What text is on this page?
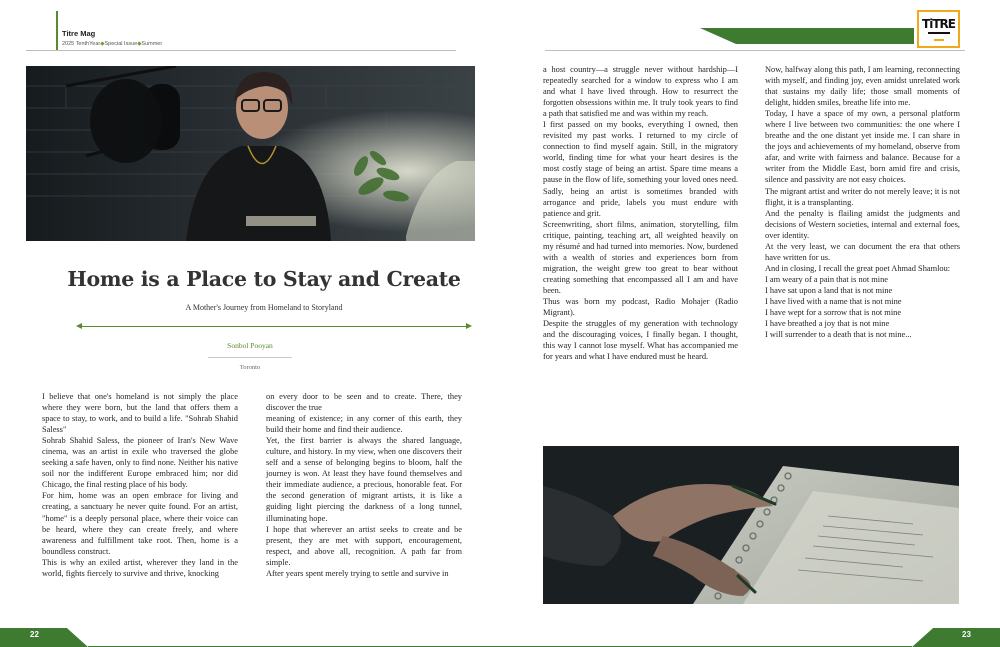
Titre Mag
2025 TenthYear◆Special Issue◆Summer
TiTRE
Home is a Place to Stay and Create
A Mother's Journey from Homeland to Storyland
Sonbol Pooyan
Toronto

I believe that one's homeland is not simply the place where they were born, but the land that offers them a space to stay, to work, and to build a life. "Sohrab Shahid Saless"

Sohrab Shahid Saless, the pioneer of Iran's New Wave cinema, was an artist in exile who traversed the globe seeking a safe haven, only to find none. Neither his native soil nor the indifferent Europe embraced him; nor did Chicago, the final resting place of his body.

For him, home was an open embrace for living and creating, a sanctuary he never quite found. For an artist, "home" is a deeply personal place, where their voice can be heard, where they can create freely, and where awareness and fulfillment take root. Then, home is a boundless construct.

This is why an exiled artist, wherever they land in the world, fights fiercely to survive and thrive, knocking

on every door to be seen and to create. There, they discover the true

meaning of existence; in any corner of this earth, they build their home and find their audience.

Yet, the first barrier is always the shared language, culture, and history. In my view, when one discovers their self and a sense of belonging begins to bloom, half the journey is won. At least they have found themselves and their immediate audience, a precious, honorable feat. For the second generation of migrant artists, it is like a guiding light piercing the darkness of a long tunnel, illuminating hope.

I hope that wherever an artist seeks to create and be present, they are met with support, encouragement, respect, and above all, recognition. A path far from simple.

After years spent merely trying to settle and survive in

a host country—a struggle never without hardship—I repeatedly searched for a window to express who I am and what I have lived through. How to resurrect the forgotten obsessions within me. It truly took years to find a path that satisfied me and was within my reach.

I first passed on my books, everything I owned, then revisited my past works. I returned to my circle of connection to find myself again. Still, in the migratory world, finding time for what your heart desires is the most costly stage of being an artist. Spare time means a pause in the flow of life, something your loved ones need. Sadly, being an artist is sometimes branded with arrogance and pride, labels you must endure with patience and grit.

Screenwriting, short films, animation, storytelling, film critique, painting, teaching art, all weighted heavily on my résumé and had turned into memories. Now, burdened with a wealth of stories and experiences born from migration, the weight grew too great to bear without creating something that encompassed all I am and have been.

Thus was born my podcast, Radio Mohajer (Radio Migrant).

Despite the struggles of my generation with technology and the discouraging voices, I finally began. I thought, this way I cannot lose myself. What has accompanied me for years and what I have endured must be heard.

Now, halfway along this path, I am learning, reconnecting with myself, and finding joy, even amidst unrelated work that sustains my daily life; those small moments of delight, hidden smiles, breathe life into me.

Today, I have a space of my own, a personal platform where I live between two communities: the one where I breathe and the one distant yet inside me. I can share in the joys and achievements of my homeland, observe from afar, and write with fairness and balance. Because for a writer from the Middle East, born amid fire and crisis, silence and passivity are not easy choices.

The migrant artist and writer do not merely leave; it is not flight, it is a transplanting.

And the penalty is flailing amidst the judgments and decisions of Western societies, internal and external foes, over identity.

At the very least, we can document the era that others have written for us.

And in closing, I recall the great poet Ahmad Shamlou:

I am weary of a pain that is not mine

I have sat upon a land that is not mine

I have lived with a name that is not mine

I have wept for a sorrow that is not mine

I have breathed a joy that is not mine

I will surrender to a death that is not mine...

22	23
